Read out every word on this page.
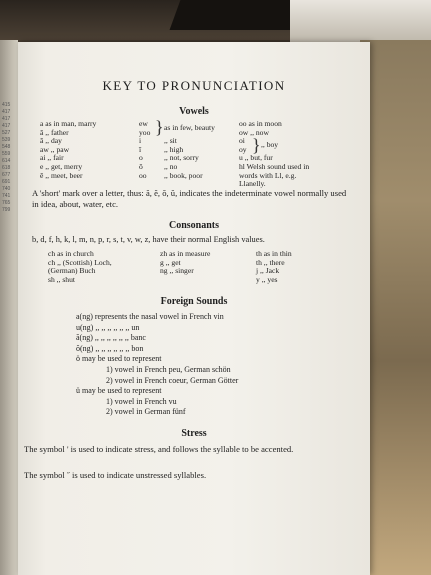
415 417 417 417 527 539 548 559 614 618 677 691 740 741 765 799
KEY TO PRONUNCIATION
Vowels
a as in man, marry
ā ,, father
ā ,, day
aw ,, paw
ai ,, fair
e ,, get, merry
ē ,, meet, beer
ew
yoo
i
ī
o
ō
oo
} as in few, beauty
,, sit
,, high
,, not, sorry
,, no
,, book, poor
oo as in moon
ow ,, now
oi
oy
u ,, but, fur
hl Welsh sound used in
words with Ll, e.g.
Llanelly.
} ,, boy
A 'short' mark over a letter, thus: ă, ĕ, ŏ, ŭ, indicates the indeterminate vowel normally used in idea, about, water, etc.
Consonants
b, d, f, h, k, l, m, n, p, r, s, t, v, w, z, have their normal English values.
ch as in church
ch ,, (Scottish) Loch,
(German) Buch
sh ,, shut
zh as in measure
g ,, get
ng ,, singer
th as in thin
th ,, there
j ,, Jack
y ,, yes
Foreign Sounds
a(ng) represents the nasal vowel in French vin
u(ng) ,, ,, ,, ,, ,, ,, un
ă(ng) ,, ,, ,, ,, ,, ,, banc
ŏ(ng) ,, ,, ,, ,, ,, ,, bon
ö may be used to represent
1) vowel in French peu, German schön
2) vowel in French coeur, German Götter
ü may be used to represent
1) vowel in French vu
2) vowel in German fünf
Stress
The symbol ' is used to indicate stress, and follows the syllable to be accented.
The symbol ˝ is used to indicate unstressed syllables.
